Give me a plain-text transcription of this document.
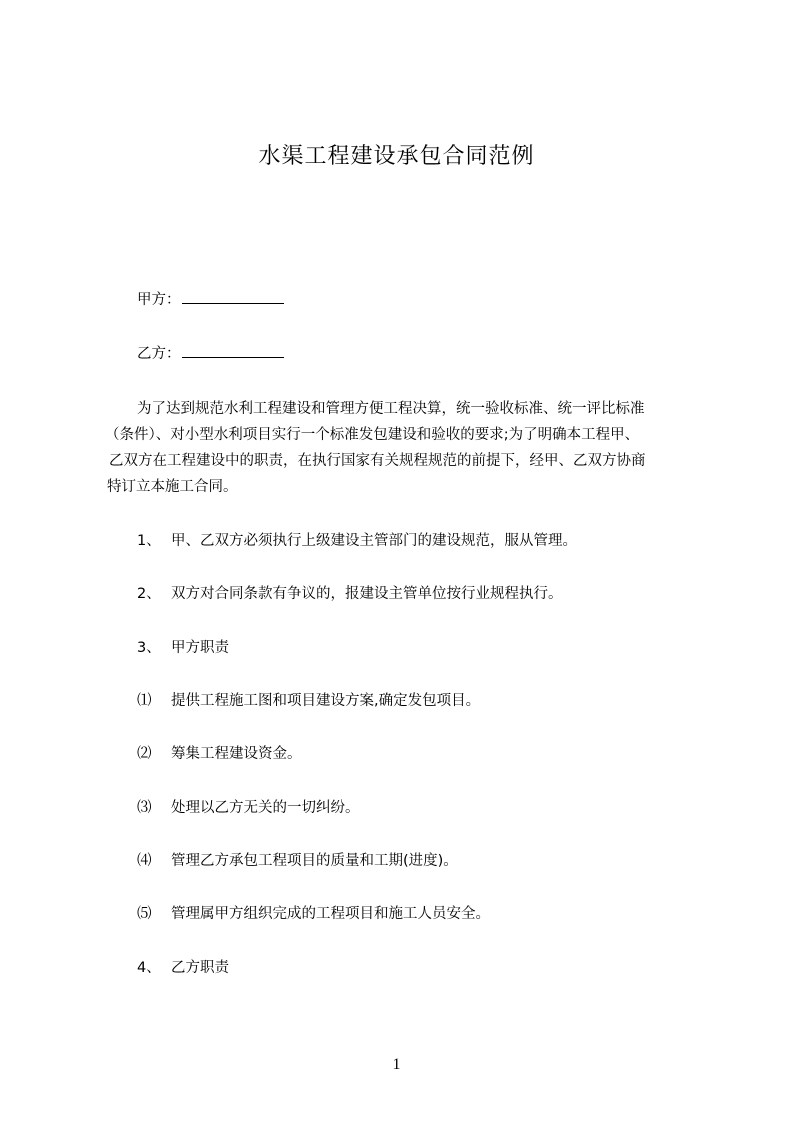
水渠工程建设承包合同范例
甲方：
乙方：
为了达到规范水利工程建设和管理方便工程决算，统一验收标准、统一评比标准
（条件）、对小型水利项目实行一个标准发包建设和验收的要求;为了明确本工程甲、
乙双方在工程建设中的职责，在执行国家有关规程规范的前提下，经甲、乙双方协商
特订立本施工合同。
1、 甲、乙双方必须执行上级建设主管部门的建设规范，服从管理。
2、 双方对合同条款有争议的，报建设主管单位按行业规程执行。
3、 甲方职责
⑴ 提供工程施工图和项目建设方案,确定发包项目。
⑵ 筹集工程建设资金。
⑶ 处理以乙方无关的一切纠纷。
⑷ 管理乙方承包工程项目的质量和工期(进度)。
⑸ 管理属甲方组织完成的工程项目和施工人员安全。
4、 乙方职责
1
